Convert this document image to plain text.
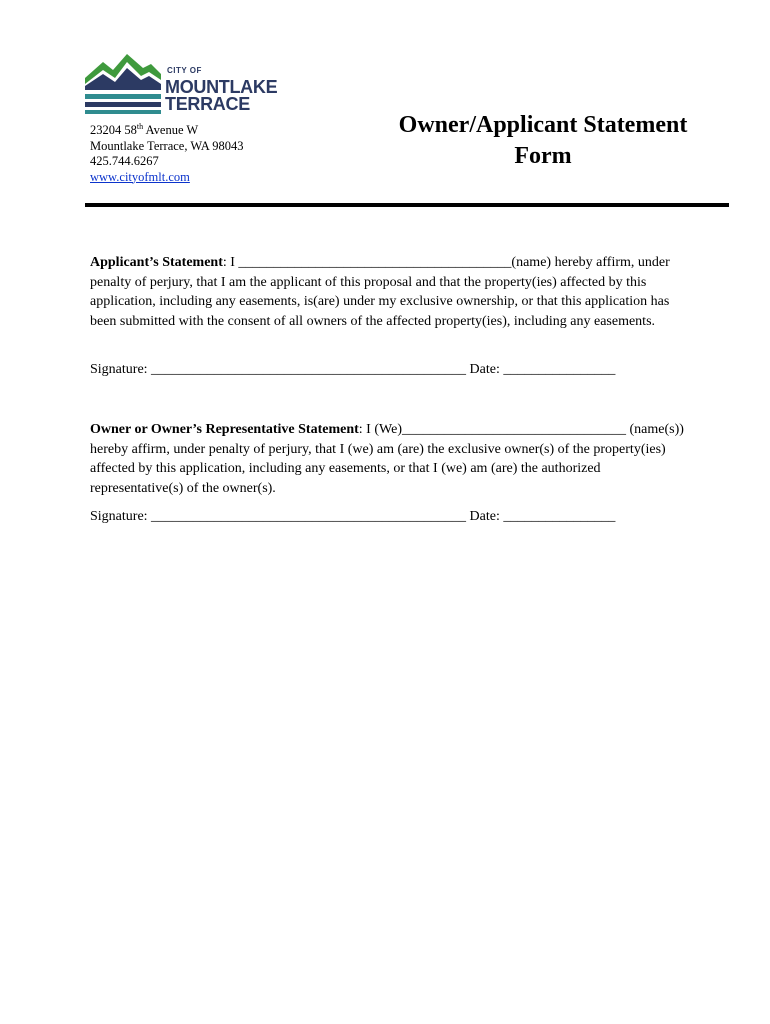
CITY OF
MOUNTLAKE
TERRACE
23204 58th Avenue W
Mountlake Terrace, WA 98043
425.744.6267
www.cityofmlt.com
Owner/Applicant Statement
Form
Applicant’s Statement: I _______________________________________(name) hereby affirm, under penalty of perjury, that I am the applicant of this proposal and that the property(ies) affected by this application, including any easements, is(are) under my exclusive ownership, or that this application has been submitted with the consent of all owners of the affected property(ies), including any easements.
Signature: _____________________________________________ Date: ________________
Owner or Owner’s Representative Statement: I (We)________________________________ (name(s)) hereby affirm, under penalty of perjury, that I (we) am (are) the exclusive owner(s) of the property(ies) affected by this application, including any easements, or that I (we) am (are) the authorized representative(s) of the owner(s).
Signature: _____________________________________________ Date: ________________
